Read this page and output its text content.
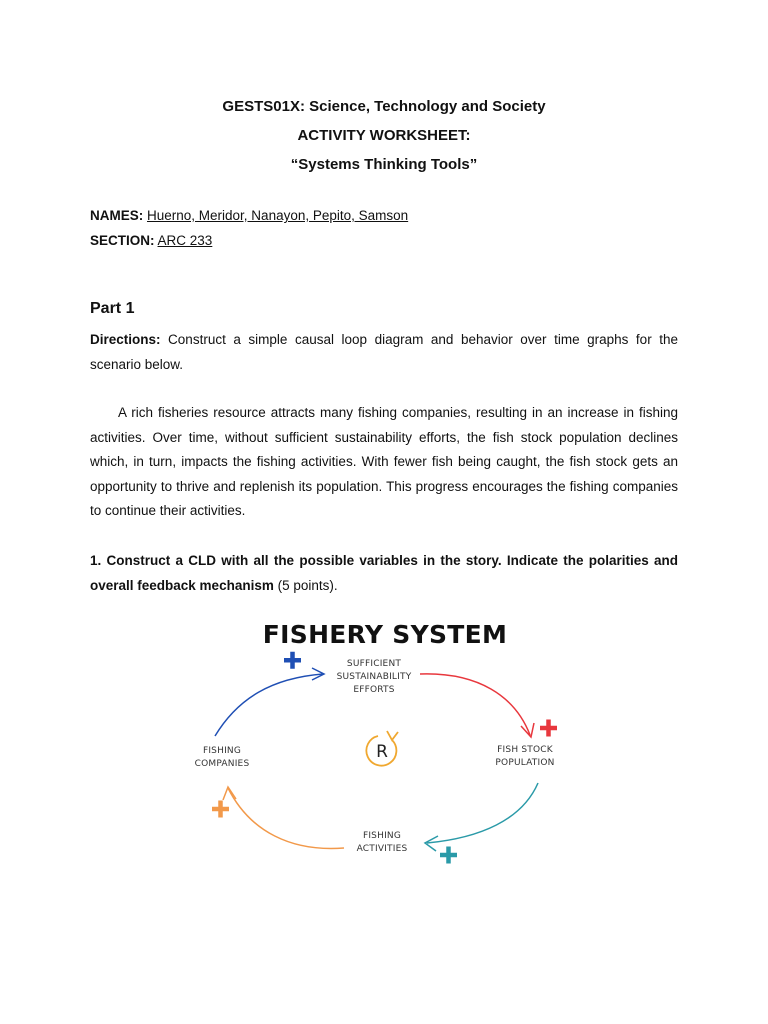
GESTS01X: Science, Technology and Society

ACTIVITY WORKSHEET:

“Systems Thinking Tools”

NAMES: Huerno, Meridor, Nanayon, Pepito, Samson
SECTION: ARC 233
Part 1

Directions: Construct a simple causal loop diagram and behavior over time graphs for the scenario below.

A rich fisheries resource attracts many fishing companies, resulting in an increase in fishing activities. Over time, without sufficient sustainability efforts, the fish stock population declines which, in turn, impacts the fishing activities. With fewer fish being caught, the fish stock gets an opportunity to thrive and replenish its population. This progress encourages the fishing companies to continue their activities.

1. Construct a CLD with all the possible variables in the story. Indicate the polarities and overall feedback mechanism (5 points).

FISHERY SYSTEM
R
SUFFICIENT
SUSTAINABILITY
EFFORTS
FISH STOCK
POPULATION
FISHING
ACTIVITIES
FISHING
COMPANIES
